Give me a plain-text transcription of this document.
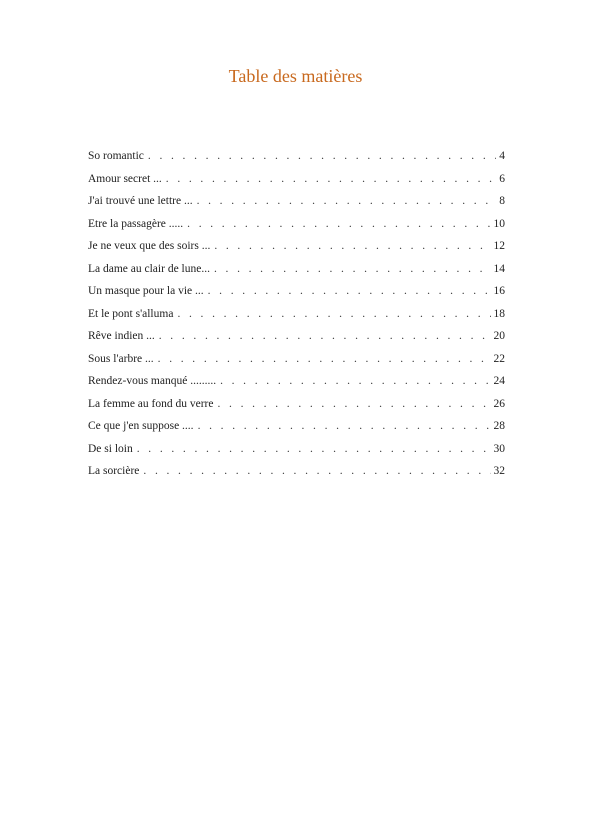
Table des matières
So romantic . . .	4
Amour secret ... . . .	6
J'ai trouvé une lettre ... . . .	8
Etre la passagère ..... . . .	10
Je ne veux que des soirs ... . . .	12
La dame au clair de lune... . . .	14
Un masque pour la vie ... . . .	16
Et le pont s'alluma . . .	18
Rêve indien ... . . .	20
Sous l'arbre ... . . .	22
Rendez-vous manqué ......... . . .	24
La femme au fond du verre . . .	26
Ce que j'en suppose .... . . .	28
De si loin . . .	30
La sorcière . . .	32
